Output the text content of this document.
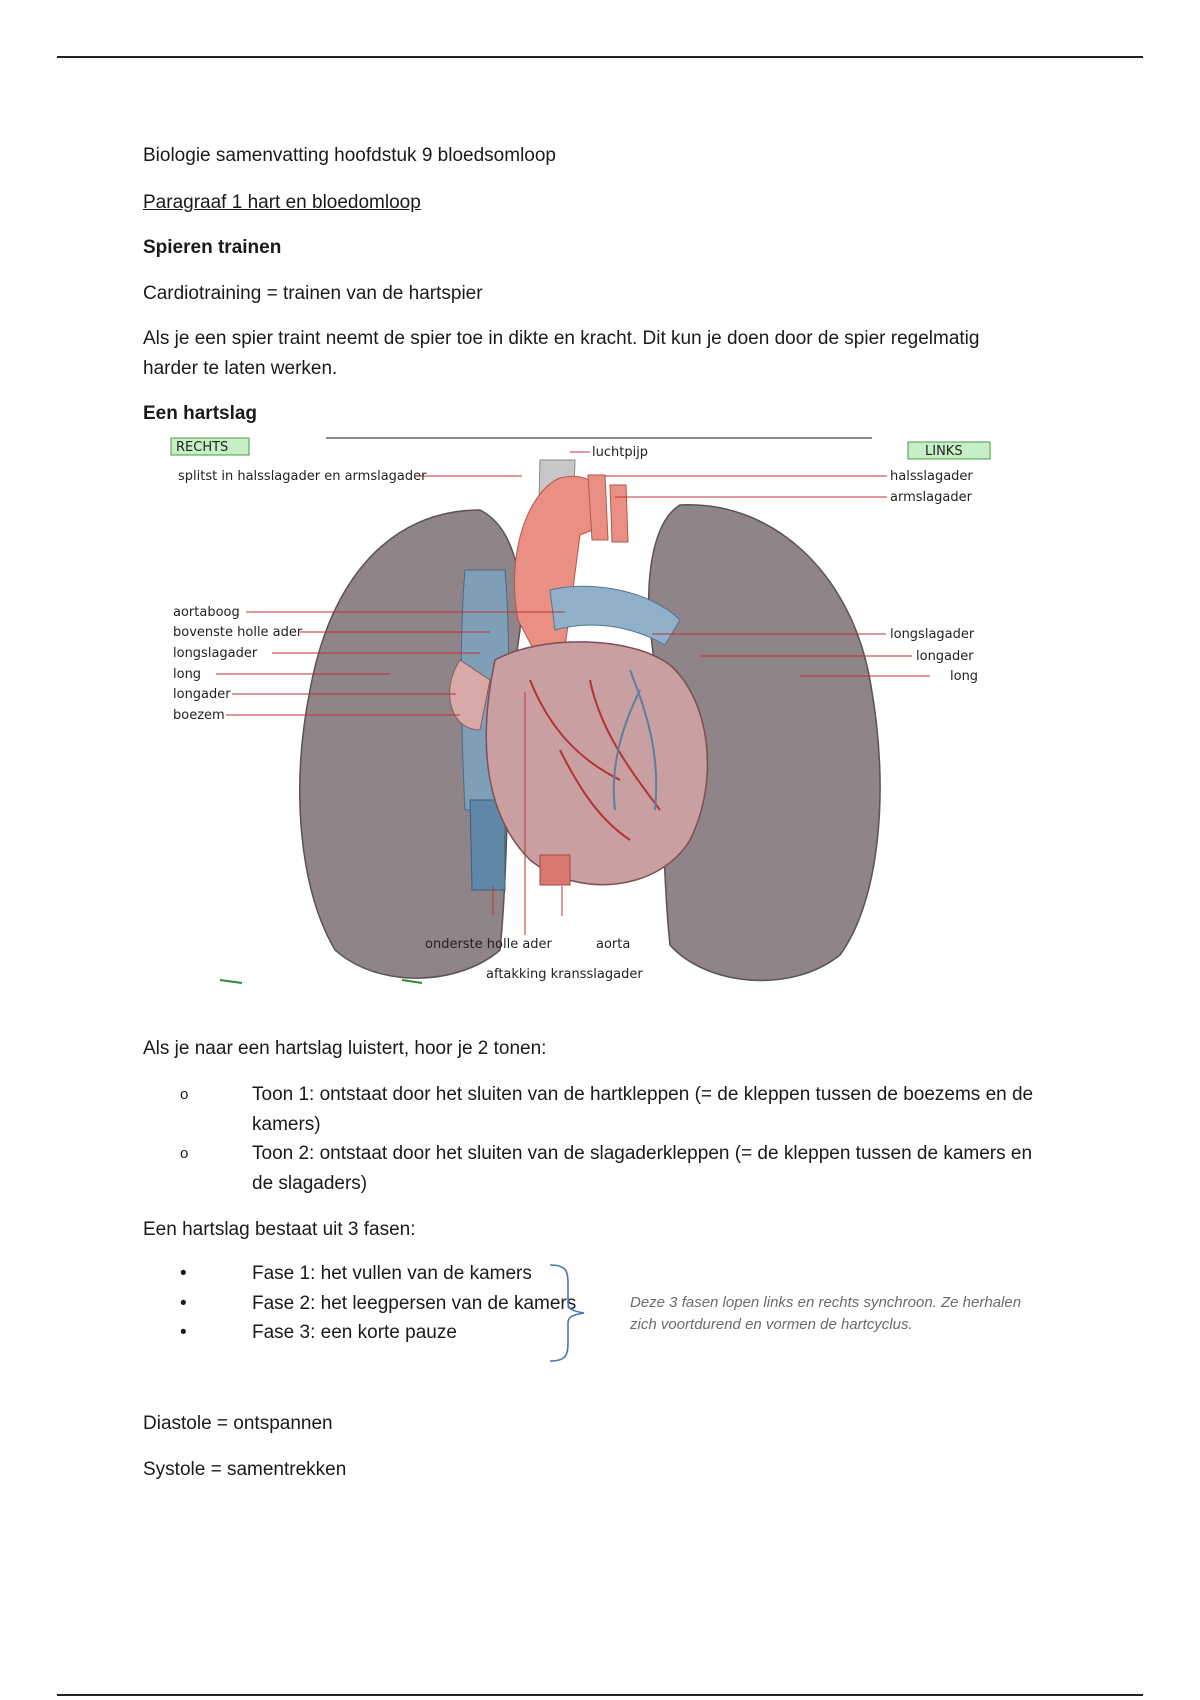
Biologie samenvatting hoofdstuk 9 bloedsomloop

Paragraaf 1 hart en bloedomloop

Spieren trainen

Cardiotraining = trainen van de hartspier

Als je een spier traint neemt de spier toe in dikte en kracht. Dit kun je doen door de spier regelmatig

harder te laten werken.

Een hartslag

RECHTS	LINKS
luchtpijp
splitst in halsslagader en armslagader	halsslagader
armslagader
aortaboog
bovenste holle ader
longslagader
long
longader
boezem
longslagader
longader
long
onderste holle ader	aorta
aftakking kransslagader

Als je naar een hartslag luistert, hoor je 2 tonen:

o	Toon 1: ontstaat door het sluiten van de hartkleppen (= de kleppen tussen de boezems en de
kamers)
o	Toon 2: ontstaat door het sluiten van de slagaderkleppen (= de kleppen tussen de kamers en
de slagaders)

Een hartslag bestaat uit 3 fasen:

•	Fase 1: het vullen van de kamers
•	Fase 2: het leegpersen van de kamers
•	Fase 3: een korte pauze
Deze 3 fasen lopen links en rechts synchroon. Ze herhalen
zich voortdurend en vormen de hartcyclus.

Diastole = ontspannen

Systole = samentrekken
